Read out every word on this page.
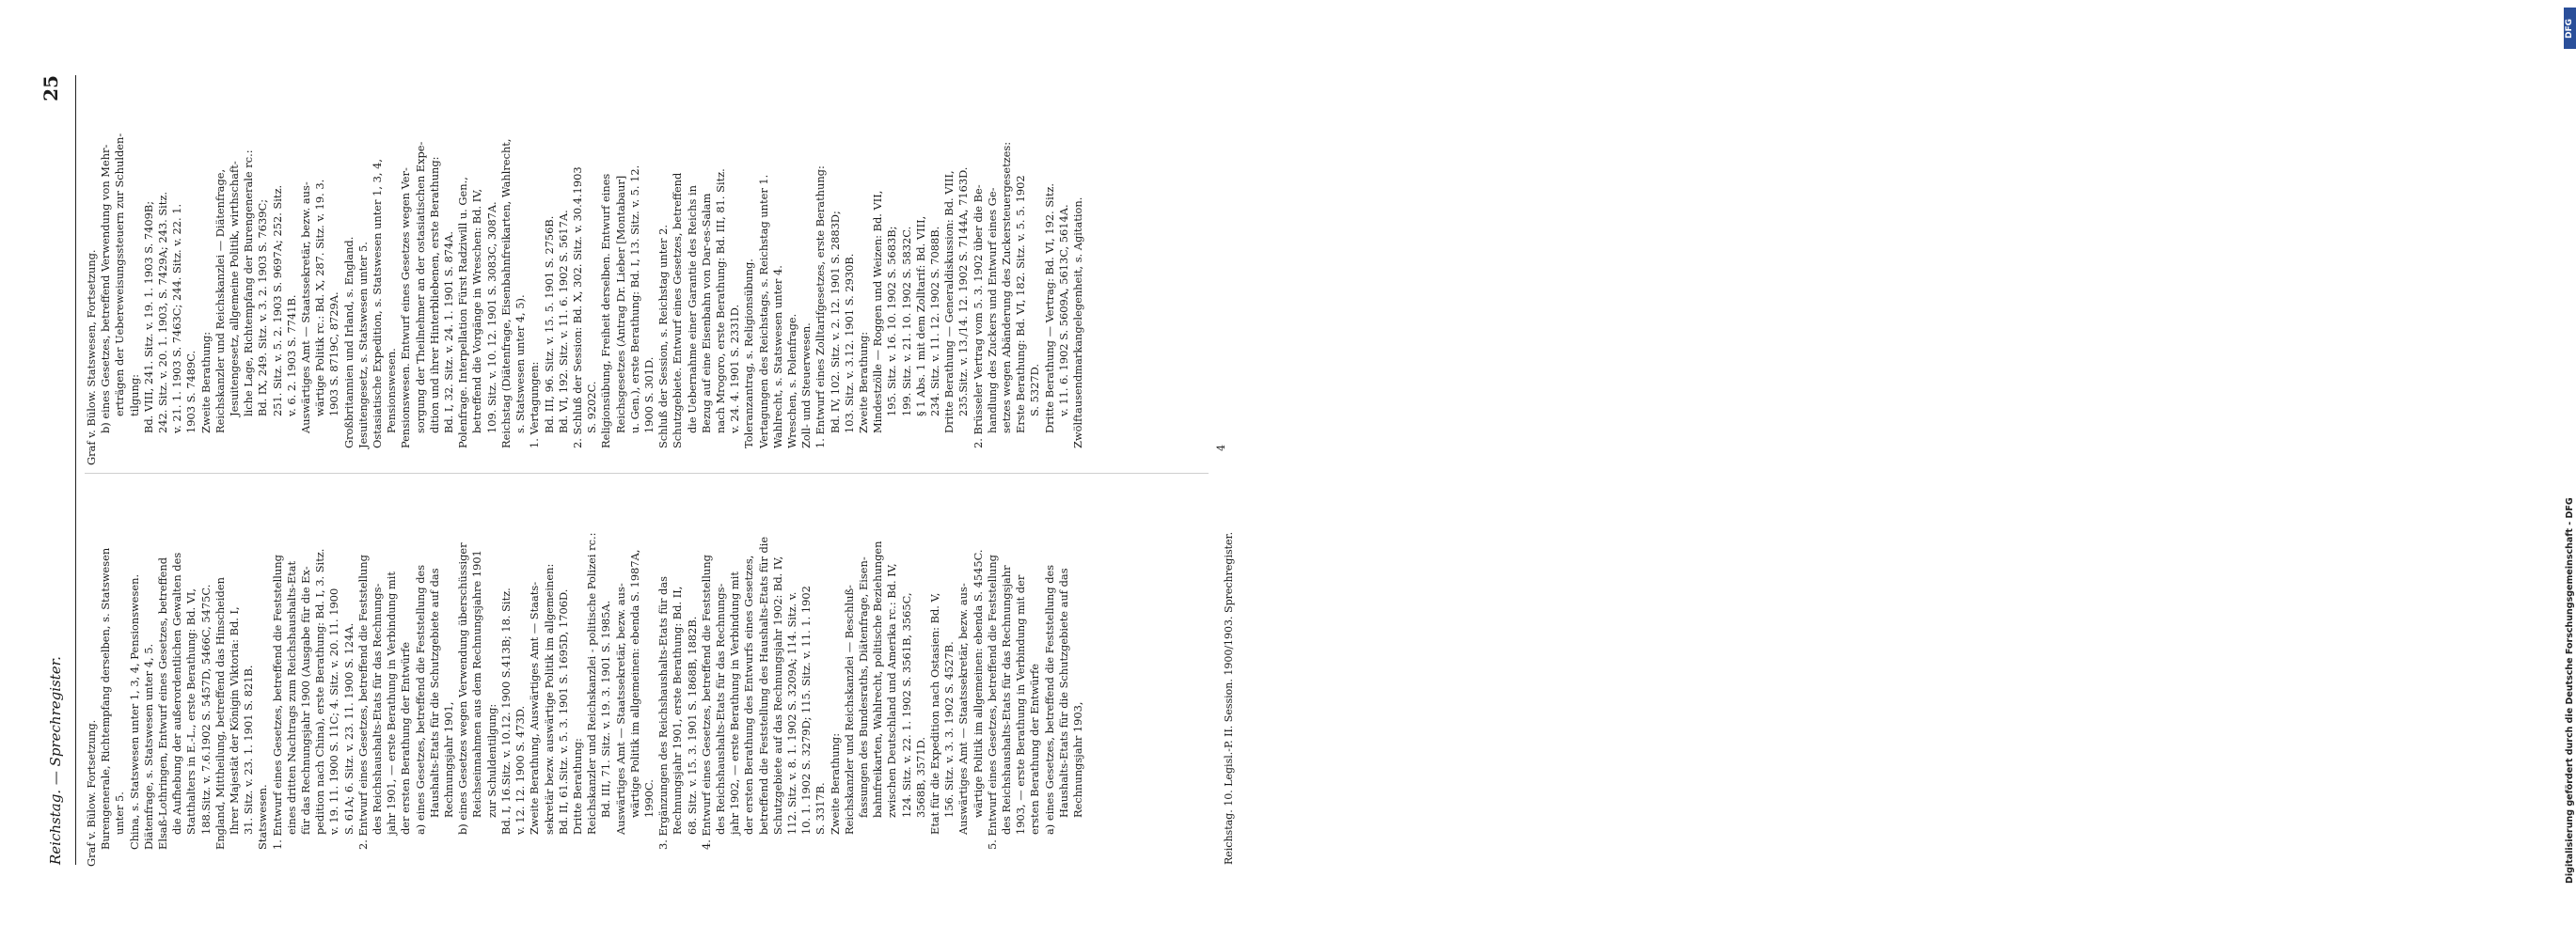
Reichstag. — Sprechregister.
25
Graf v. Bülow. Fortsetzung. Burengenerale, Richtempfang derselben, s. Statswesen unter 5. China, s. Statswesen unter 1, 3, 4, Pensionswesen. Diätenfrage, s. Statswesen unter 4, 5. Elsaß-Lothringen, Entwurf eines Gesetzes, betreffend die Aufhebung der außerordentlichen Gewalten des Statthalters in E.-L., erste Berathung: Bd. VI, 188.Sitz. v. 7.6.1902 S. 5457D, 5466C, 5475C. England, Mittheilung, betreffend das Hinscheiden Ihrer Majestät der Königin Viktoria: Bd. I, 31. Sitz. v. 23. 1. 1901 S. 821B. Statswesen. 1. Entwurf eines Gesetzes, betreffend die Feststellung eines dritten Nachtrags zum Reichshaushalts-Etat für das Rechnungsjahr 1900 (Ausgabe für die Ex- pedition nach China), erste Berathung: Bd. I, 3. Sitz. v. 19. 11. 1900 S. 11C; 4. Sitz. v. 20. 11. 1900 S. 61A; 6. Sitz. v. 23. 11. 1900 S. 124A. 2. Entwurf eines Gesetzes, betreffend die Feststellung des Reichshaushalts-Etats für das Rechnungs- jahr 1901, — erste Berathung in Verbindung mit der ersten Berathung der Entwürfe a) eines Gesetzes, betreffend die Feststellung des Haushalts-Etats für die Schutzgebiete auf das Rechnungsjahr 1901, b) eines Gesetzes wegen Verwendung überschüssiger Reichseinnahmen aus dem Rechnungsjahre 1901 zur Schuldentilgung: Bd. I, 16.Sitz. v. 10.12. 1900 S.413B; 18. Sitz. v. 12. 12. 1900 S. 473D. Zweite Berathung, Auswärtiges Amt — Staats- sekretär bezw. auswärtige Politik im allgemeinen: Bd. II, 61.Sitz. v. 5. 3. 1901 S. 1695D, 1706D. Dritte Berathung: Reichskanzler und Reichskanzlei - politische Polizei rc.: Bd. III, 71. Sitz. v. 19. 3. 1901 S. 1985A. Auswärtiges Amt — Staatssekretär, bezw. aus- wärtige Politik im allgemeinen: ebenda S. 1987A, 1990C. 3. Ergänzungen des Reichshaushalts-Etats für das Rechnungsjahr 1901, erste Berathung: Bd. II, 68. Sitz. v. 15. 3. 1901 S. 1868B, 1882B. 4. Entwurf eines Gesetzes, betreffend die Feststellung des Reichshaushalts-Etats für das Rechnungs- jahr 1902, — erste Berathung in Verbindung mit der ersten Berathung des Entwurfs eines Gesetzes, betreffend die Feststellung des Haushalts-Etats für die Schutzgebiete auf das Rechnungsjahr 1902: Bd. IV, 112. Sitz. v. 8. 1. 1902 S. 3209A; 114. Sitz. v. 10. 1. 1902 S. 3279D; 115. Sitz. v. 11. 1. 1902 S. 3317B. Zweite Berathung: Reichskanzler und Reichskanzlei — Beschluß- fassungen des Bundesraths, Diätenfrage, Eisen- bahnfreikarten, Wahlrecht, politische Beziehungen zwischen Deutschland und Amerika rc.: Bd. IV, 124. Sitz. v. 22. 1. 1902 S. 3561B, 3565C, 3568B, 3571D. Etat für die Expedition nach Ostasien: Bd. V, 156. Sitz. v. 3. 3. 1902 S. 4527B. Auswärtiges Amt — Staatssekretär, bezw. aus- wärtige Politik im allgemeinen: ebenda S. 4545C. 5. Entwurf eines Gesetzes, betreffend die Feststellung des Reichshaushalts-Etats für das Rechnungsjahr 1903, — erste Berathung in Verbindung mit der ersten Berathung der Entwürfe a) eines Gesetzes, betreffend die Feststellung des Haushalts-Etats für die Schutzgebiete auf das Rechnungsjahr 1903,
Graf v. Bülow. Statswesen, Fortsetzung. b) eines Gesetzes, betreffend Verwendung von Mehr- erträgen der Uebereweisungssteuern zur Schulden- tilgung: Bd. VIII, 241. Sitz. v. 19. 1. 1903 S. 7409B; 242. Sitz. v. 20. 1. 1903, S. 7429A; 243. Sitz. v. 21. 1. 1903 S. 7463C; 244. Sitz. v. 22. 1. 1903 S. 7489C. Zweite Berathung: Reichskanzler und Reichskanzlei — Diätenfrage, Jesuitengesetz, allgemeine Politik, wirthschaft- liche Lage, Richtempfang der Burengenerale rc.: Bd. IX, 249. Sitz. v. 3. 2. 1903 S. 7639C; 251. Sitz. v. 5. 2. 1903 S. 9697A; 252. Sitz. v. 6. 2. 1903 S. 7741B. Auswärtiges Amt — Staatssekretär, bezw. aus- wärtige Politik rc.: Bd. X, 287. Sitz. v. 19. 3. 1903 S. 8719C, 8729A. Großbritannien und Irland, s. England. Jesuitengesetz, s. Statswesen unter 5. Ostasiatische Expedition, s. Statswesen unter 1, 3, 4, Pensionswesen. Pensionswesen. Entwurf eines Gesetzes wegen Ver- sorgung der Theilnehmer an der ostasiatischen Expe- dition und ihrer Hinterbliebenen, erste Berathung: Bd. I, 32. Sitz. v. 24. 1. 1901 S. 874A. Polenfrage. Interpellation Fürst Radziwill u. Gen., betreffend die Vorgänge in Wreschen: Bd. IV, 109. Sitz. v. 10. 12. 1901 S. 3083C, 3087A. Reichstag (Diätenfrage, Eisenbahnfreikarten, Wahlrecht, s. Statswesen unter 4, 5). 1. Vertagungen: Bd. III, 96. Sitz. v. 15. 5. 1901 S. 2756B. Bd. VI, 192. Sitz. v. 11. 6. 1902 S. 5617A. 2. Schluß der Session: Bd. X, 302. Sitz. v. 30.4.1903 S. 9202C. Religionsübung, Freiheit derselben. Entwurf eines Reichsgesetzes (Antrag Dr. Lieber [Montabaur] u. Gen.), erste Berathung: Bd. I, 13. Sitz. v. 5. 12. 1900 S. 301D. Schluß der Session, s. Reichstag unter 2. Schutzgebiete. Entwurf eines Gesetzes, betreffend die Uebernahme einer Garantie des Reichs in Bezug auf eine Eisenbahn von Dar-es-Salam nach Mrogoro, erste Berathung: Bd. III, 81. Sitz. v. 24. 4. 1901 S. 2331D. Toleranzantrag, s. Religionsübung. Vertagungen des Reichstags, s. Reichstag unter 1. Wahlrecht, s. Statswesen unter 4. Wreschen, s. Polenfrage. Zoll- und Steuerwesen. 1. Entwurf eines Zolltarifgesetzes, erste Berathung: Bd. IV, 102. Sitz. v. 2. 12. 1901 S. 2883D; 103. Sitz. v. 3.12. 1901 S. 2930B. Zweite Berathung: Mindestzölle — Roggen und Weizen: Bd. VII, 195. Sitz. v. 16. 10. 1902 S. 5683B; 199. Sitz. v. 21. 10. 1902 S. 5832C. § 1 Abs. 1 mit dem Zolltarif: Bd. VIII, 234. Sitz. v. 11. 12. 1902 S. 7088B. Dritte Berathung — Generaldiskussion: Bd. VIII, 235.Sitz. v. 13./14. 12. 1902 S. 7144A, 7163D. 2. Brüsseler Vertrag vom 5. 3. 1902 über die Be- handlung des Zuckers und Entwurf eines Ge- setzes wegen Abänderung des Zuckersteuergesetzes: Erste Berathung: Bd. VI, 182. Sitz. v. 5. 5. 1902 S. 5327D. Dritte Berathung — Vertrag: Bd. VI, 192. Sitz. v. 11. 6. 1902 S. 5609A, 5613C, 5614A. Zwölftausendmarkangelegenheit, s. Agitation.
Reichstag. 10. Legisl.-P. II. Session. 1900/1903. Sprechregister.
4
DFG
Digitalisierung gefördert durch die Deutsche Forschungsgemeinschaft - DFG
